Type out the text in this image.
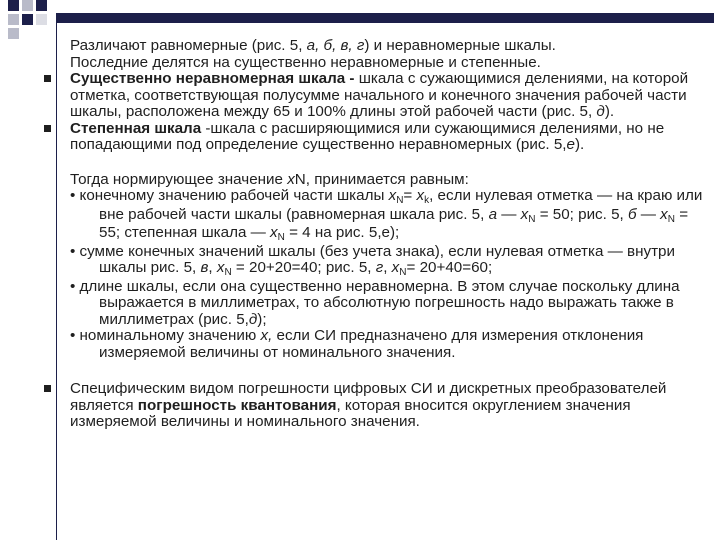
Различают равномерные (рис. 5, а, б, в, г) и неравномерные шкалы.
Последние делятся на существенно неравномерные и степенные.
Существенно неравномерная шкала - шкала с сужающимися делениями, на которой отметка, соответствующая полусумме начального и конечного значения рабочей части шкалы, расположена между 65 и 100% длины этой рабочей части (рис. 5, д).
Степенная шкала -шкала с расширяющимися или сужающимися делениями, но не попадающими под определение существенно неравномерных (рис. 5,е).
Тогда нормирующее значение xN, принимается равным:
• конечному значению рабочей части шкалы $x_N= x_k$, если нулевая отметка — на краю или вне рабочей части шкалы (равномерная шкала рис. 5, а — $x_N = 50$; рис. 5, б — $x_N = 55$; степенная шкала — $x_N = 4$ на рис. 5,е);
• сумме конечных значений шкалы (без учета знака), если нулевая отметка — внутри шкалы рис. 5, в, $x_N = 20+20=40$; рис. 5, г, $x_N= 20+40=60$;
• длине шкалы, если она существенно неравномерна. В этом случае поскольку длина выражается в миллиметрах, то абсолютную погрешность надо выражать также в миллиметрах (рис. 5,д);
• номинальному значению x, если СИ предназначено для измерения отклонения измеряемой величины от номинального значения.
Специфическим видом погрешности цифровых СИ и дискретных преобразователей является погрешность квантования, которая вносится округлением значения измеряемой величины и номинального значения.
